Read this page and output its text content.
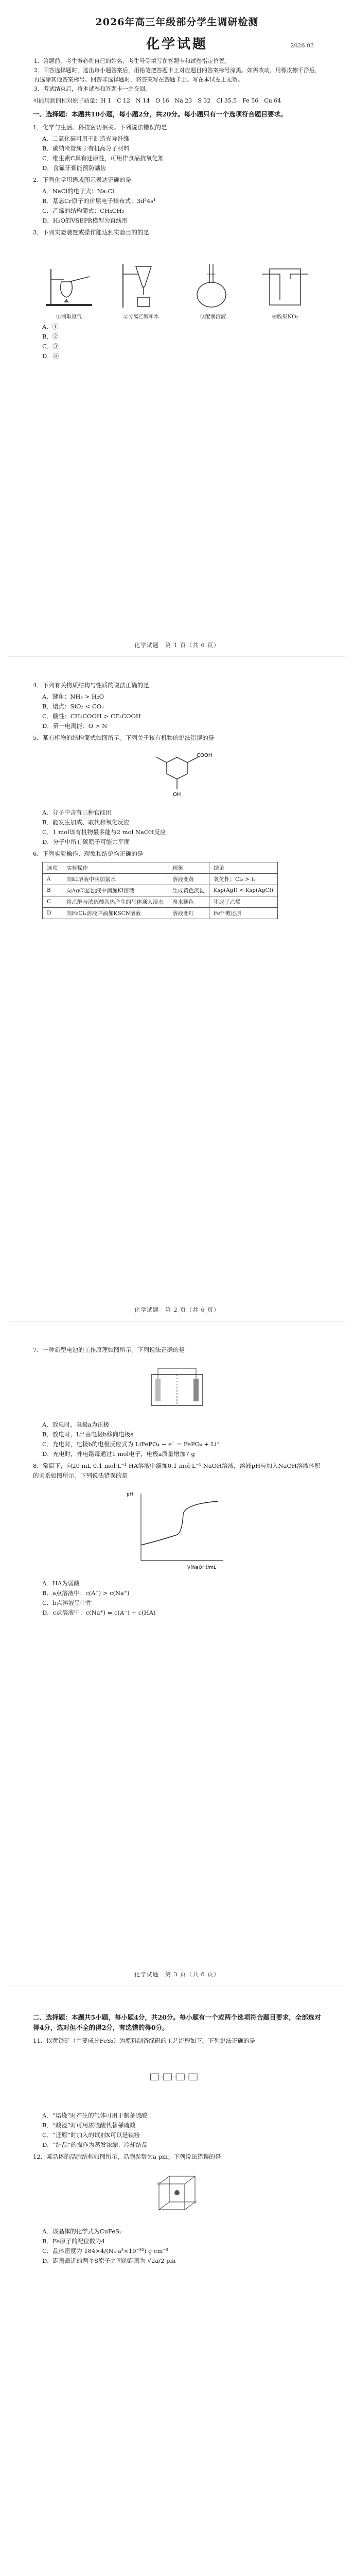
2026年高三年级部分学生调研检测
化学试题	2026.03

1．答题前，考生务必将自己的姓名、考生号等填写在答题卡和试卷指定位置。

2．回答选择题时，选出每小题答案后，用铅笔把答题卡上对应题目的答案标号涂黑。如需改动，用橡皮擦干净后，再选涂其他答案标号。回答非选择题时，将答案写在答题卡上。写在本试卷上无效。

3．考试结束后，将本试卷和答题卡一并交回。

可能用到的相对原子质量：H 1　C 12　N 14　O 16　Na 23　S 32　Cl 35.5　Fe 56　Cu 64
一、选择题：本题共10小题，每小题2分，共20分。每小题只有一个选项符合题目要求。
1．化学与生活、科技密切相关。下列说法错误的是

A．二氧化硅可用于制造光导纤维

B．碳纳米管属于有机高分子材料

C．维生素C具有还原性，可用作食品抗氧化剂

D．含氟牙膏能预防龋齿

2．下列化学用语或图示表达正确的是

A．NaCl的电子式：Na:Cl

B．基态Cr原子的价层电子排布式：3d⁵4s¹

C．乙烯的结构简式：CH₂CH₂

D．H₂O的VSEPR模型为直线形

3．下列实验装置或操作能达到实验目的的是
①制取氨气	②分离乙醇和水	③配制溶液	④收集NO₂

A．①

B．②

C．③

D．④

化学试题　第 1 页（共 6 页）
4．下列有关物质结构与性质的说法正确的是

A．键角：NH₃ > H₂O

B．熔点：SiO₂ < CO₂

C．酸性：CH₃COOH > CF₃COOH

D．第一电离能：O > N

5．某有机物的结构简式如图所示。下列关于该有机物的说法错误的是
OH
COOH

A．分子中含有三种官能团

B．能发生加成、取代和氧化反应

C．1 mol该有机物最多能与2 mol NaOH反应

D．分子中所有碳原子可能共平面

6．下列实验操作、现象和结论均正确的是
选项	实验操作	现象	结论
A	向KI溶液中滴加氯水	溶液变黄	氧化性：Cl₂ > I₂
B	向AgCl悬浊液中滴加KI溶液	生成黄色沉淀	Ksp(AgI) < Ksp(AgCl)
C	将乙醇与浓硫酸共热产生的气体通入溴水	溴水褪色	生成了乙烯
D	向FeCl₃溶液中滴加KSCN溶液	溶液变红	Fe³⁺被还原
化学试题　第 2 页（共 6 页）
7．一种新型电池的工作原理如图所示。下列说法正确的是

A．放电时，电极a为正极

B．放电时，Li⁺由电极b移向电极a

C．充电时，电极b的电极反应式为 LiFePO₄ − e⁻ = FePO₄ + Li⁺

D．充电时，外电路每通过1 mol电子，电极a质量增加7 g

8．常温下，向20 mL 0.1 mol·L⁻¹ HA溶液中滴加0.1 mol·L⁻¹ NaOH溶液，溶液pH与加入NaOH溶液体积的关系如图所示。下列说法错误的是
V(NaOH)/mL
pH

A．HA为弱酸

B．a点溶液中：c(A⁻) > c(Na⁺)

C．b点溶液呈中性

D．c点溶液中：c(Na⁺) = c(A⁻) + c(HA)

化学试题　第 3 页（共 6 页）
二、选择题：本题共5小题，每小题4分，共20分。每小题有一个或两个选项符合题目要求，全部选对得4分，选对但不全的得2分，有选错的得0分。
11．以黄铁矿（主要成分FeS₂）为原料制备绿矾的工艺流程如下。下列说法正确的是

A．“焙烧”时产生的气体可用于制备硫酸

B．“酸浸”时可用浓硫酸代替稀硫酸

C．“还原”时加入的试剂X可以是铁粉

D．“结晶”的操作为蒸发浓缩、冷却结晶

12．某晶体的晶胞结构如图所示，晶胞参数为a pm。下列说法错误的是

A．该晶体的化学式为CuFeS₂

B．Fe原子的配位数为4

C．晶体密度为 184×4/(Nₐ·a³×10⁻³⁰) g·cm⁻³

D．距离最近的两个S原子之间的距离为 √2a/2 pm
